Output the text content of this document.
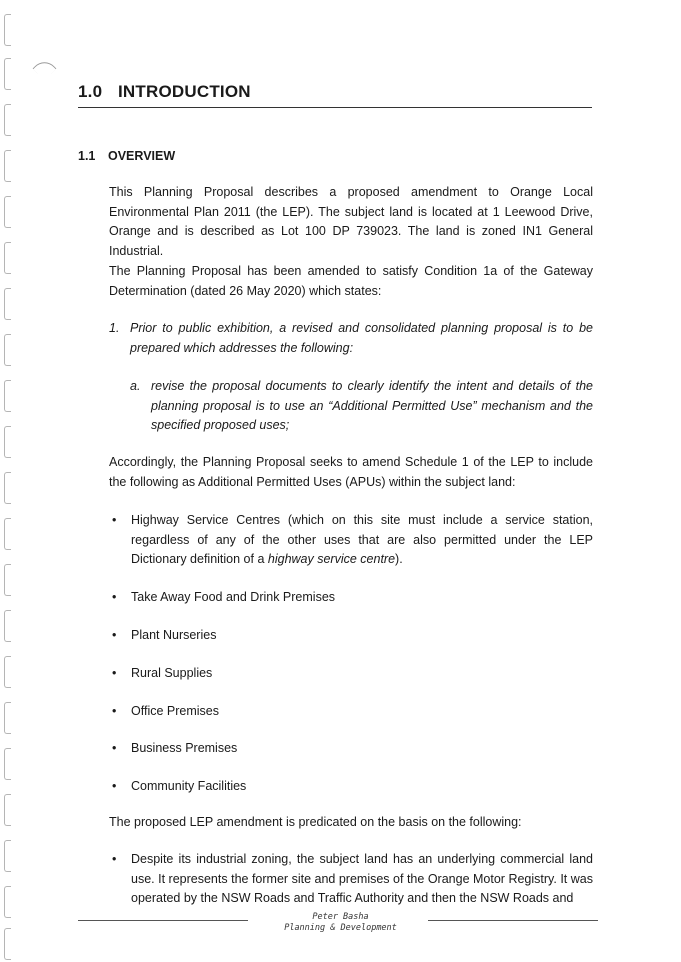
1.0 INTRODUCTION
1.1 OVERVIEW

This Planning Proposal describes a proposed amendment to Orange Local Environmental Plan 2011 (the LEP). The subject land is located at 1 Leewood Drive, Orange and is described as Lot 100 DP 739023. The land is zoned IN1 General Industrial.

The Planning Proposal has been amended to satisfy Condition 1a of the Gateway Determination (dated 26 May 2020) which states:

1. Prior to public exhibition, a revised and consolidated planning proposal is to be prepared which addresses the following:
a. revise the proposal documents to clearly identify the intent and details of the planning proposal is to use an “Additional Permitted Use” mechanism and the specified proposed uses;

Accordingly, the Planning Proposal seeks to amend Schedule 1 of the LEP to include the following as Additional Permitted Uses (APUs) within the subject land:

• Highway Service Centres (which on this site must include a service station, regardless of any of the other uses that are also permitted under the LEP Dictionary definition of a highway service centre).
• Take Away Food and Drink Premises
• Plant Nurseries
• Rural Supplies
• Office Premises
• Business Premises
• Community Facilities

The proposed LEP amendment is predicated on the basis on the following:

• Despite its industrial zoning, the subject land has an underlying commercial land use. It represents the former site and premises of the Orange Motor Registry. It was operated by the NSW Roads and Traffic Authority and then the NSW Roads and
Peter Basha
Planning & Development
